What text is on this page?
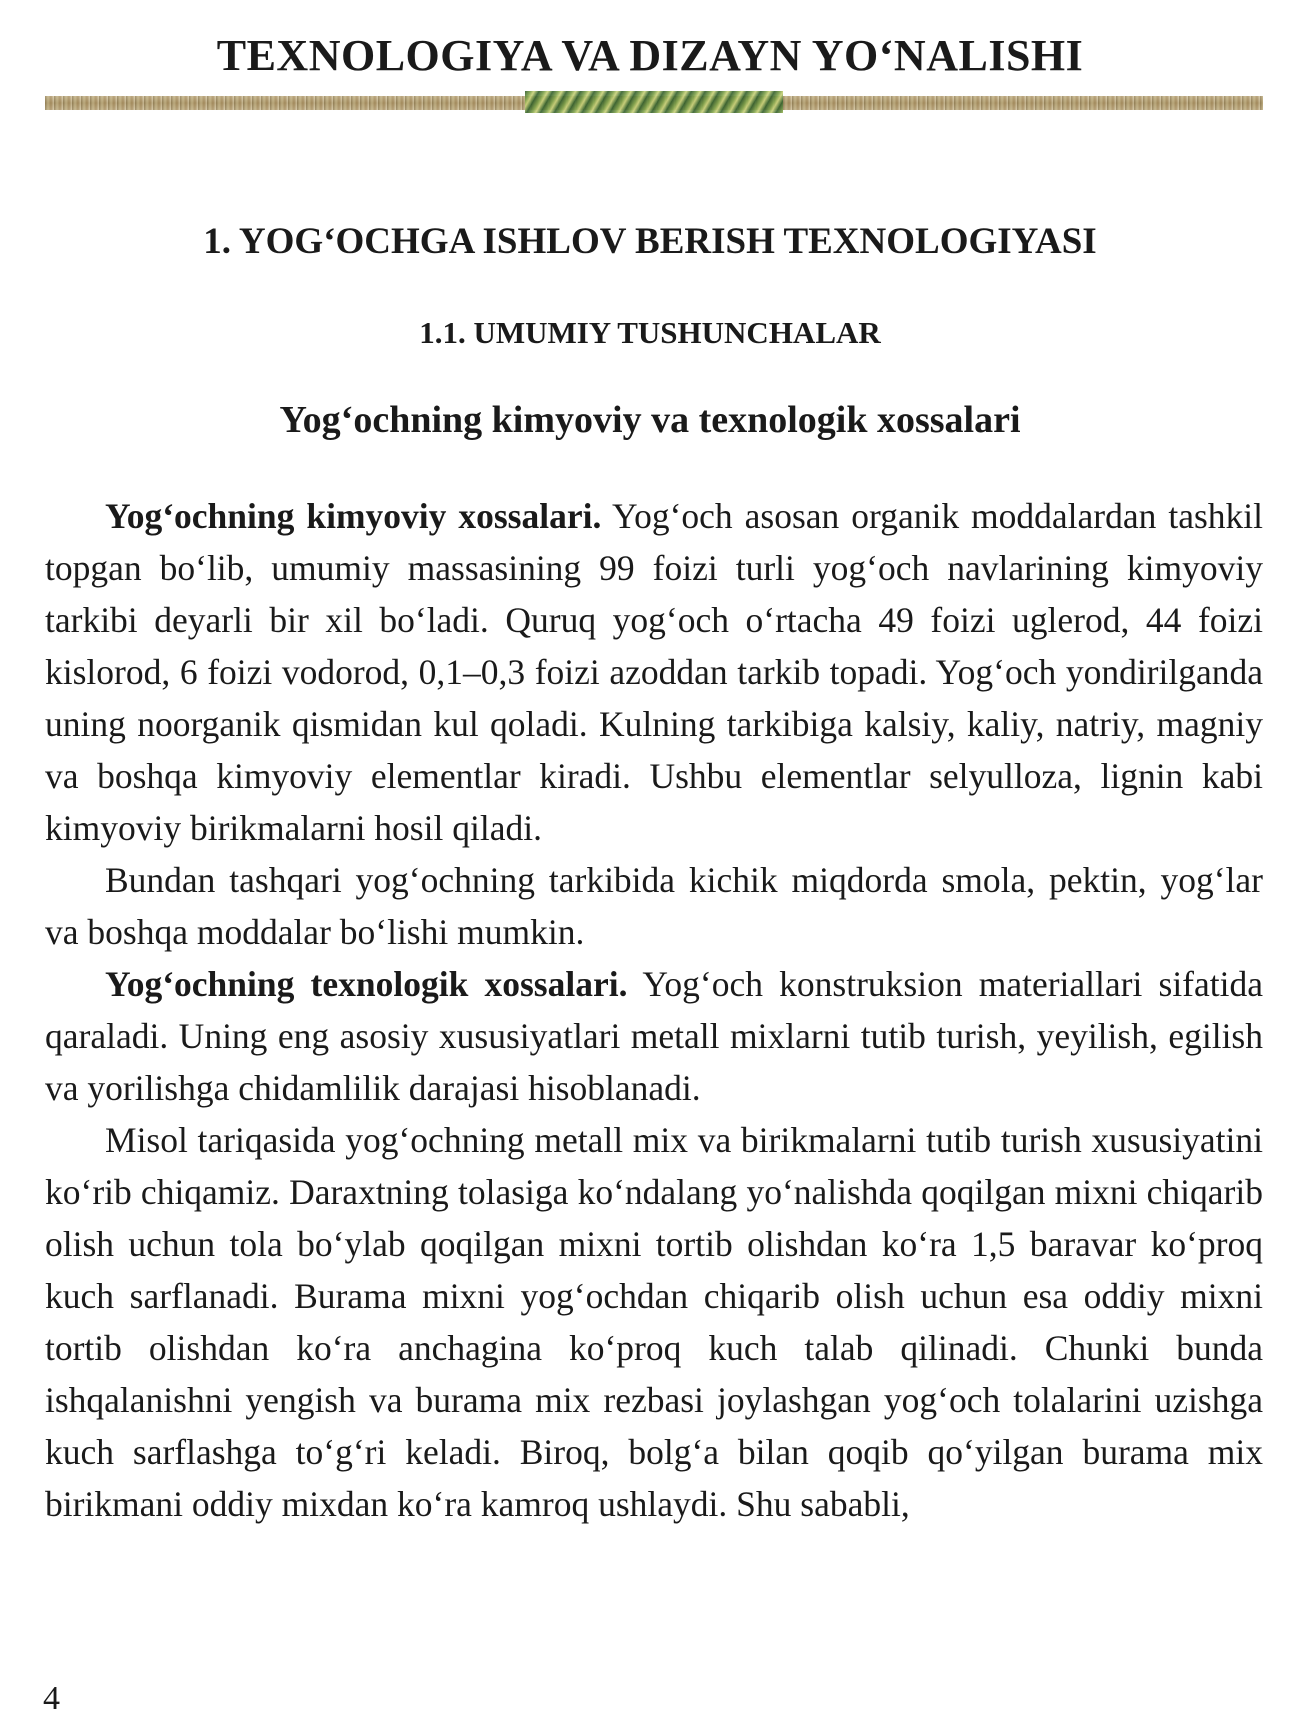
TEXNOLOGIYA VA DIZAYN YO‘NALISHI
1. YOG‘OCHGA ISHLOV BERISH TEXNOLOGIYASI
1.1. UMUMIY TUSHUNCHALAR
Yog‘ochning kimyoviy va texnologik xossalari

Yog‘ochning kimyoviy xossalari. Yog‘och asosan organik moddalardan tashkil topgan bo‘lib, umumiy massasining 99 foizi turli yog‘och navlarining kimyoviy tarkibi deyarli bir xil bo‘ladi. Quruq yog‘och o‘rtacha 49 foizi uglerod, 44 foizi kislorod, 6 foizi vodorod, 0,1–0,3 foizi azoddan tarkib topadi. Yog‘och yondirilganda uning noorganik qismidan kul qoladi. Kulning tarkibiga kalsiy, kaliy, natriy, magniy va boshqa kimyoviy elementlar kiradi. Ushbu elementlar selyulloza, lignin kabi kimyoviy birikmalarni hosil qiladi.

Bundan tashqari yog‘ochning tarkibida kichik miqdorda smola, pektin, yog‘lar va boshqa moddalar bo‘lishi mumkin.

Yog‘ochning texnologik xossalari. Yog‘och konstruksion materiallari sifatida qaraladi. Uning eng asosiy xususiyatlari metall mixlarni tutib turish, yeyilish, egilish va yorilishga chidamlilik darajasi hisoblanadi.

Misol tariqasida yog‘ochning metall mix va birikmalarni tutib turish xususiyatini ko‘rib chiqamiz. Daraxtning tolasiga ko‘ndalang yo‘nalishda qoqilgan mixni chiqarib olish uchun tola bo‘ylab qoqilgan mixni tortib olishdan ko‘ra 1,5 baravar ko‘proq kuch sarflanadi. Burama mixni yog‘ochdan chiqarib olish uchun esa oddiy mixni tortib olishdan ko‘ra anchagina ko‘proq kuch talab qilinadi. Chunki bunda ishqalanishni yengish va burama mix rezbasi joylashgan yog‘och tolalarini uzishga kuch sarflashga to‘g‘ri keladi. Biroq, bolg‘a bilan qoqib qo‘yilgan burama mix birikmani oddiy mixdan ko‘ra kamroq ushlaydi. Shu sababli,

4
